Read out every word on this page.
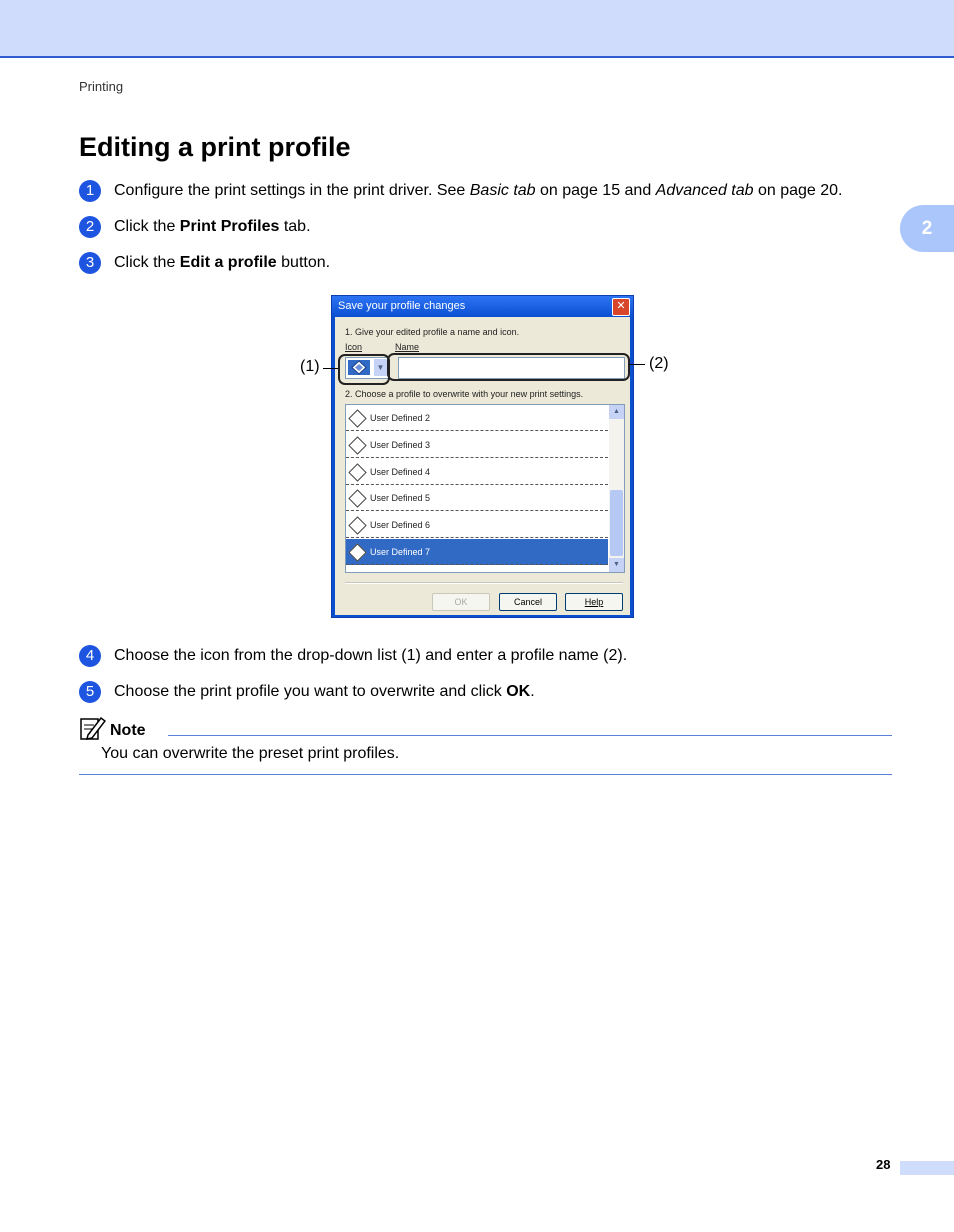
Printing
Editing a print profile
2
1 Configure the print settings in the print driver. See Basic tab on page 15 and Advanced tab on page 20.
2 Click the Print Profiles tab.
3 Click the Edit a profile button.
Save your profile changes	✕
1. Give your edited profile a name and icon.
Icon	Name
▼
2. Choose a profile to overwrite with your new print settings.
User Defined 2
User Defined 3
User Defined 4
User Defined 5
User Defined 6
User Defined 7
▲
▼
OK	Cancel	Help
(1)	(2)
4 Choose the icon from the drop-down list (1) and enter a profile name (2).
5 Choose the print profile you want to overwrite and click OK.
Note
You can overwrite the preset print profiles.
28
